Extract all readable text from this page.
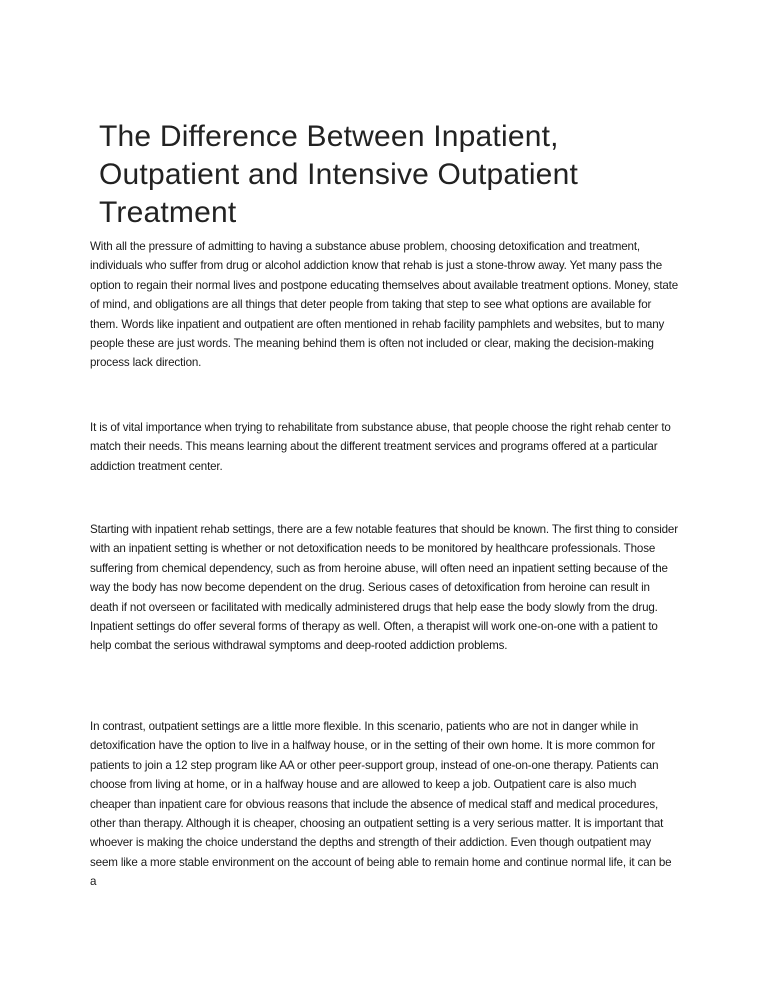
The Difference Between Inpatient, Outpatient and Intensive Outpatient Treatment

With all the pressure of admitting to having a substance abuse problem, choosing detoxification and treatment, individuals who suffer from drug or alcohol addiction know that rehab is just a stone-throw away. Yet many pass the option to regain their normal lives and postpone educating themselves about available treatment options. Money, state of mind, and obligations are all things that deter people from taking that step to see what options are available for them. Words like inpatient and outpatient are often mentioned in rehab facility pamphlets and websites, but to many people these are just words. The meaning behind them is often not included or clear, making the decision-making process lack direction.

It is of vital importance when trying to rehabilitate from substance abuse, that people choose the right rehab center to match their needs. This means learning about the different treatment services and programs offered at a particular addiction treatment center.

Starting with inpatient rehab settings, there are a few notable features that should be known. The first thing to consider with an inpatient setting is whether or not detoxification needs to be monitored by healthcare professionals. Those suffering from chemical dependency, such as from heroine abuse, will often need an inpatient setting because of the way the body has now become dependent on the drug. Serious cases of detoxification from heroine can result in death if not overseen or facilitated with medically administered drugs that help ease the body slowly from the drug. Inpatient settings do offer several forms of therapy as well. Often, a therapist will work one-on-one with a patient to help combat the serious withdrawal symptoms and deep-rooted addiction problems.

In contrast, outpatient settings are a little more flexible. In this scenario, patients who are not in danger while in detoxification have the option to live in a halfway house, or in the setting of their own home. It is more common for patients to join a 12 step program like AA or other peer-support group, instead of one-on-one therapy. Patients can choose from living at home, or in a halfway house and are allowed to keep a job. Outpatient care is also much cheaper than inpatient care for obvious reasons that include the absence of medical staff and medical procedures, other than therapy. Although it is cheaper, choosing an outpatient setting is a very serious matter. It is important that whoever is making the choice understand the depths and strength of their addiction. Even though outpatient may seem like a more stable environment on the account of being able to remain home and continue normal life, it can be a
